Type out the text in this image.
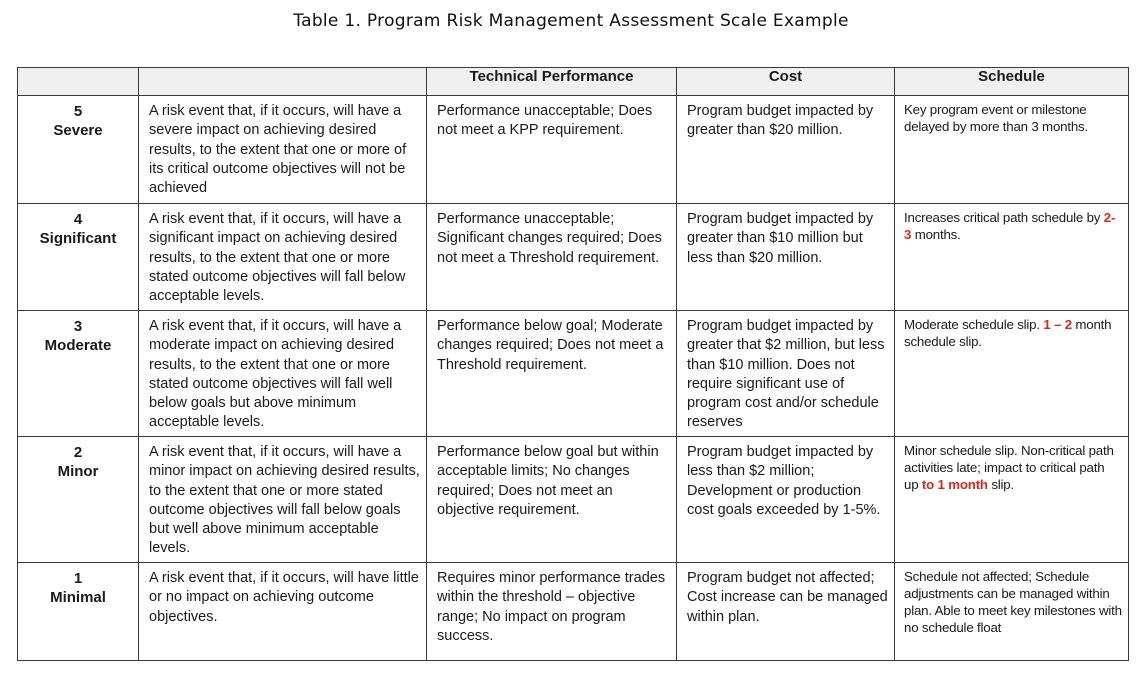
Table 1. Program Risk Management Assessment Scale Example
		Technical Performance	Cost	Schedule

5
Severe	A risk event that, if it occurs, will have a severe impact on achieving desired results, to the extent that one or more of its critical outcome objectives will not be achieved	Performance unacceptable; Does not meet a KPP requirement.	Program budget impacted by greater than $20 million.	Key program event or milestone delayed by more than 3 months.

4
Significant	A risk event that, if it occurs, will have a significant impact on achieving desired results, to the extent that one or more stated outcome objectives will fall below acceptable levels.	Performance unacceptable; Significant changes required; Does not meet a Threshold requirement.	Program budget impacted by greater than $10 million but less than $20 million.	Increases critical path schedule by 2-3 months.

3
Moderate	A risk event that, if it occurs, will have a moderate impact on achieving desired results, to the extent that one or more stated outcome objectives will fall well below goals but above minimum acceptable levels.	Performance below goal; Moderate changes required; Does not meet a Threshold requirement.	Program budget impacted by greater that $2 million, but less than $10 million. Does not require significant use of program cost and/or schedule reserves	Moderate schedule slip. 1 – 2 month schedule slip.

2
Minor	A risk event that, if it occurs, will have a minor impact on achieving desired results, to the extent that one or more stated outcome objectives will fall below goals but well above minimum acceptable levels.	Performance below goal but within acceptable limits; No changes required; Does not meet an objective requirement.	Program budget impacted by less than $2 million; Development or production cost goals exceeded by 1-5%.	Minor schedule slip. Non-critical path activities late; impact to critical path up to 1 month slip.

1
Minimal	A risk event that, if it occurs, will have little or no impact on achieving outcome objectives.	Requires minor performance trades within the threshold – objective range; No impact on program success.	Program budget not affected; Cost increase can be managed within plan.	Schedule not affected; Schedule adjustments can be managed within plan. Able to meet key milestones with no schedule float
